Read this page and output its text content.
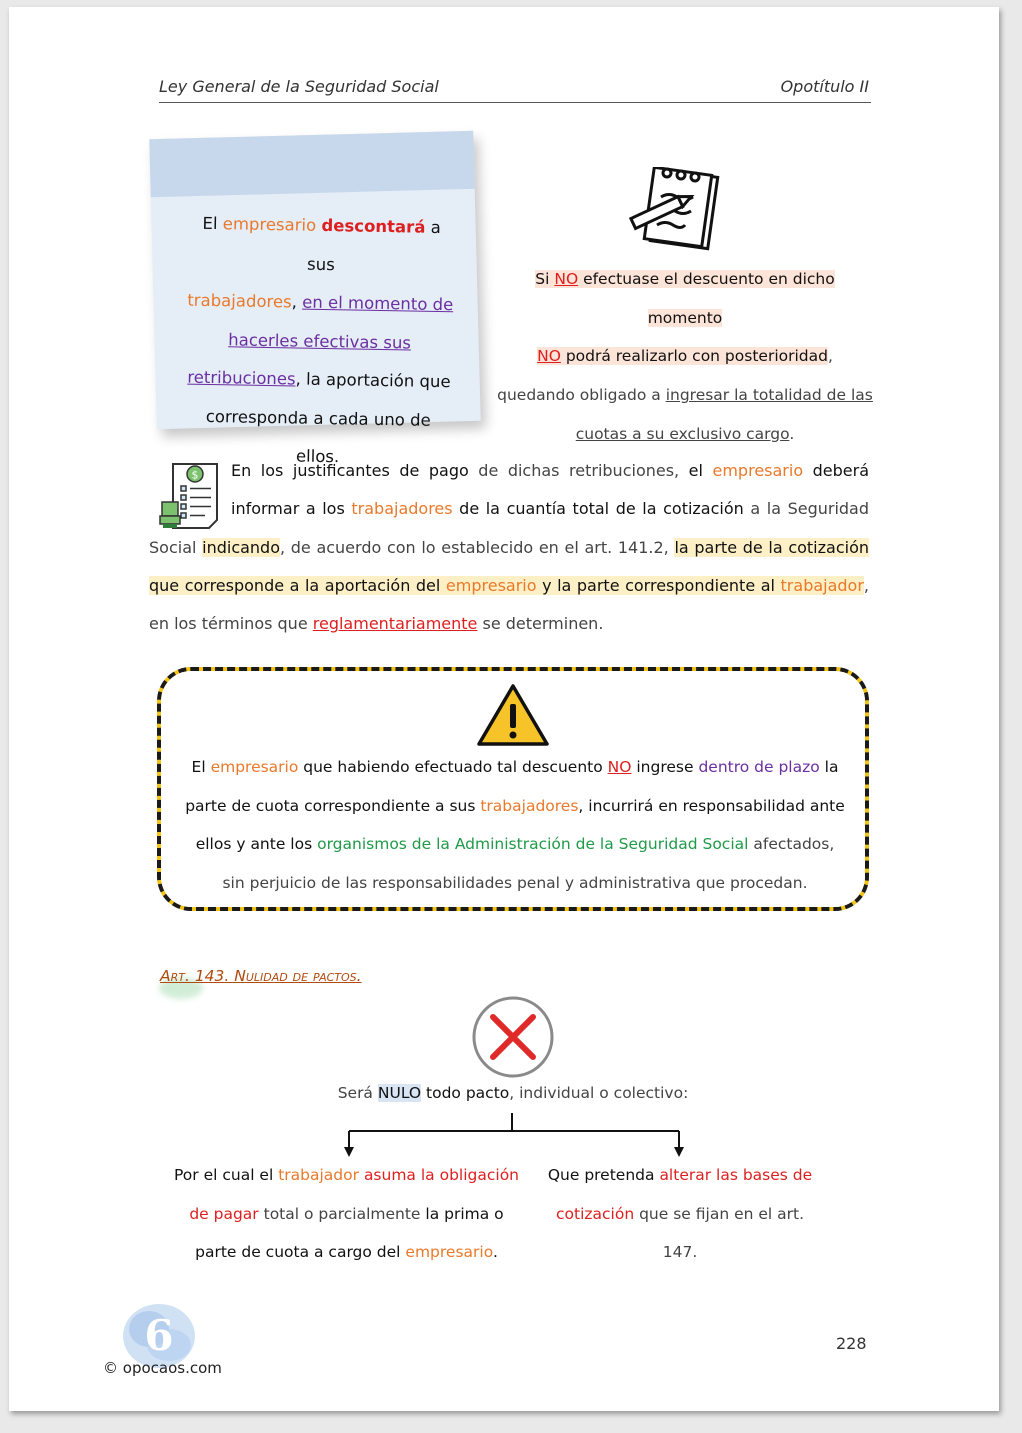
Ley General de la Seguridad Social	Opotítulo II
El empresario descontará a sus
trabajadores, en el momento de hacerles efectivas sus retribuciones, la aportación que corresponda a cada uno de ellos.
Si NO efectuase el descuento en dicho momento
NO podrá realizarlo con posterioridad, quedando obligado a ingresar la totalidad de las cuotas a su exclusivo cargo.
$	En los justificantes de pago de dichas retribuciones, el empresario deberá informar a los trabajadores de la cuantía total de la cotización a la Seguridad Social indicando, de acuerdo con lo establecido en el art. 141.2, la parte de la cotización que corresponde a la aportación del empresario y la parte correspondiente al trabajador, en los términos que reglamentariamente se determinen.
El empresario que habiendo efectuado tal descuento NO ingrese dentro de plazo la parte de cuota correspondiente a sus trabajadores, incurrirá en responsabilidad ante ellos y ante los organismos de la Administración de la Seguridad Social afectados, sin perjuicio de las responsabilidades penal y administrativa que procedan.
Art. 143. Nulidad de pactos.
Será NULO todo pacto, individual o colectivo:
Por el cual el trabajador asuma la obligación de pagar total o parcialmente la prima o parte de cuota a cargo del empresario.
Que pretenda alterar las bases de cotización que se fijan en el art. 147.
6
© opocaos.com
228
